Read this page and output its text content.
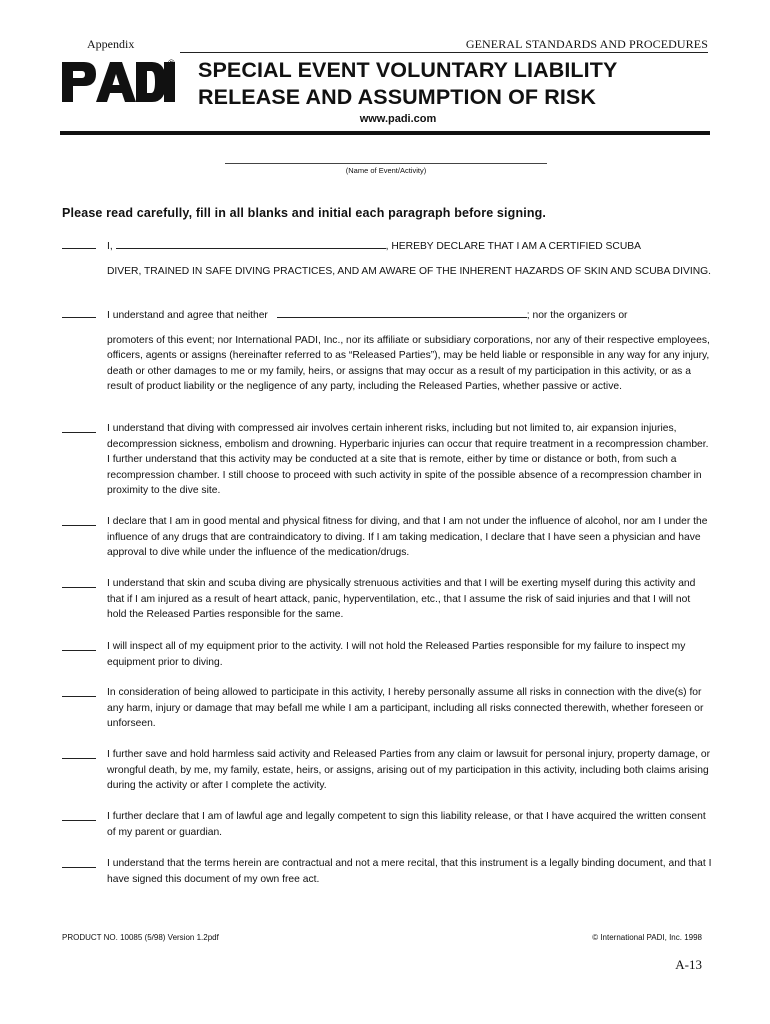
Appendix	GENERAL STANDARDS AND PROCEDURES
® SPECIAL EVENT VOLUNTARY LIABILITY
RELEASE AND ASSUMPTION OF RISK
www.padi.com
(Name of Event/Activity)
Please read carefully, fill in all blanks and initial each paragraph before signing.
I,	, HEREBY DECLARE THAT I AM A CERTIFIED SCUBA
DIVER, TRAINED IN SAFE DIVING PRACTICES, AND AM AWARE OF THE INHERENT HAZARDS OF SKIN AND SCUBA DIVING.
I understand and agree that neither	; nor the organizers or
promoters of this event; nor International PADI, Inc., nor its affiliate or subsidiary corporations, nor any of their respective employees, officers, agents or assigns (hereinafter referred to as “Released Parties”), may be held liable or responsible in any way for any injury, death or other damages to me or my family, heirs, or assigns that may occur as a result of my participation in this activity, or as a result of product liability or the negligence of any party, including the Released Parties, whether passive or active.
I understand that diving with compressed air involves certain inherent risks, including but not limited to, air expansion injuries, decompression sickness, embolism and drowning. Hyperbaric injuries can occur that require treatment in a recompression chamber. I further understand that this activity may be conducted at a site that is remote, either by time or distance or both, from such a recompression chamber. I still choose to proceed with such activity in spite of the possible absence of a recompression chamber in proximity to the dive site.
I declare that I am in good mental and physical fitness for diving, and that I am not under the influence of alcohol, nor am I under the influence of any drugs that are contraindicatory to diving. If I am taking medication, I declare that I have seen a physician and have approval to dive while under the influence of the medication/drugs.
I understand that skin and scuba diving are physically strenuous activities and that I will be exerting myself during this activity and that if I am injured as a result of heart attack, panic, hyperventilation, etc., that I assume the risk of said injuries and that I will not hold the Released Parties responsible for the same.
I will inspect all of my equipment prior to the activity. I will not hold the Released Parties responsible for my failure to inspect my equipment prior to diving.
In consideration of being allowed to participate in this activity, I hereby personally assume all risks in connection with the dive(s) for any harm, injury or damage that may befall me while I am a participant, including all risks connected therewith, whether foreseen or unforseen.
I further save and hold harmless said activity and Released Parties from any claim or lawsuit for personal injury, property damage, or wrongful death, by me, my family, estate, heirs, or assigns, arising out of my participation in this activity, including both claims arising during the activity or after I complete the activity.
I further declare that I am of lawful age and legally competent to sign this liability release, or that I have acquired the written consent of my parent or guardian.
I understand that the terms herein are contractual and not a mere recital, that this instrument is a legally binding document, and that I have signed this document of my own free act.
PRODUCT NO. 10085 (5/98) Version 1.2pdf	© International PADI, Inc. 1998
A-13
